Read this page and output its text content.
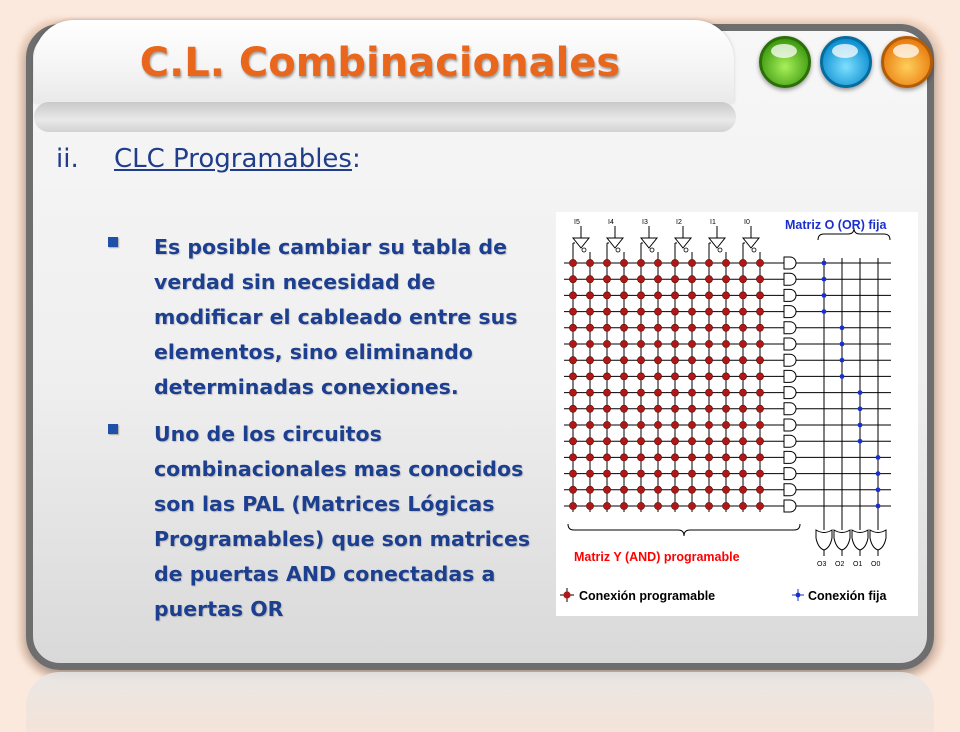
C.L. Combinacionales
ii. CLC Programables:
Es posible cambiar su tabla de verdad sin necesidad de modificar el cableado entre sus elementos, sino eliminando determinadas conexiones.
Uno de los circuitos combinacionales mas conocidos son las PAL (Matrices Lógicas Programables) que son matrices de puertas AND conectadas a puertas OR
I5	I4	I3	I2	I1	I0
O3 O2 O1 O0
Matriz O (OR) fija
Matriz Y (AND) programable
Conexión programable	Conexión fija
